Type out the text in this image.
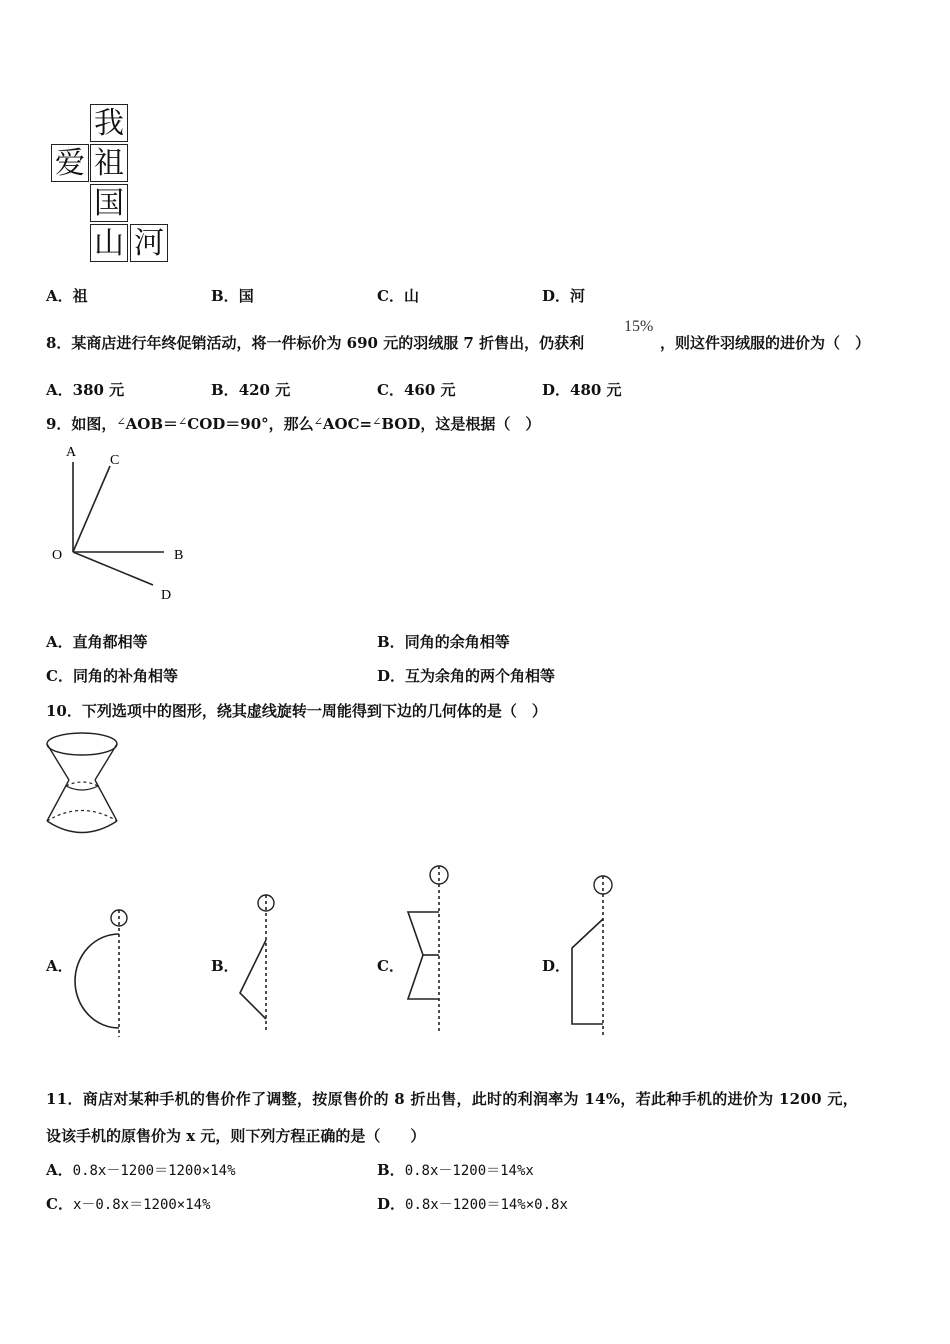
我
爱 祖
国
山 河
A．祖	B．国	C．山	D．河
8．某商店进行年终促销活动，将一件标价为 690 元的羽绒服 7 折售出，仍获利
15%
，则这件羽绒服的进价为（　）
A．380 元	B．420 元	C．460 元	D．480 元
9．如图，∠AOB＝∠COD＝90°，那么∠AOC=∠BOD，这是根据（　）
A
C
O	B
D
A．直角都相等	B．同角的余角相等
C．同角的补角相等	D．互为余角的两个角相等
10．下列选项中的图形，绕其虚线旋转一周能得到下边的几何体的是（　）
A．	B．	C．	D．
11．商店对某种手机的售价作了调整，按原售价的 8 折出售，此时的利润率为 14%，若此种手机的进价为 1200 元，
设该手机的原售价为 x 元，则下列方程正确的是（　　）
A．0.8x－1200＝1200×14%	B．0.8x－1200＝14%x
C．x－0.8x＝1200×14%	D．0.8x－1200＝14%×0.8x
